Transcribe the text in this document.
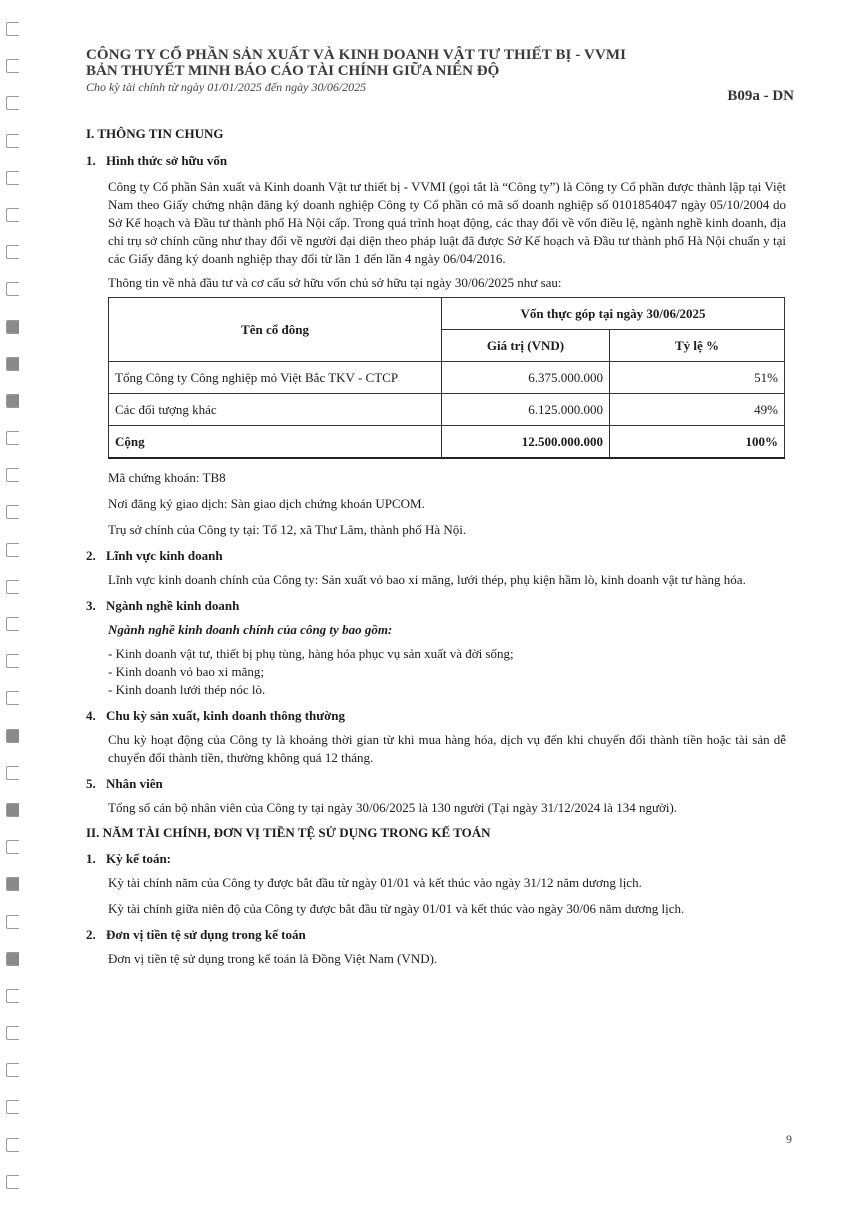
CÔNG TY CỔ PHẦN SẢN XUẤT VÀ KINH DOANH VẬT TƯ THIẾT BỊ - VVMI
BẢN THUYẾT MINH BÁO CÁO TÀI CHÍNH GIỮA NIÊN ĐỘ
Cho kỳ tài chính từ ngày 01/01/2025 đến ngày 30/06/2025
B09a - DN

I. THÔNG TIN CHUNG

1. Hình thức sở hữu vốn

Công ty Cổ phần Sản xuất và Kinh doanh Vật tư thiết bị - VVMI (gọi tắt là “Công ty”) là Công ty Cổ phần được thành lập tại Việt Nam theo Giấy chứng nhận đăng ký doanh nghiệp Công ty Cổ phần có mã số doanh nghiệp số 0101854047 ngày 05/10/2004 do Sở Kế hoạch và Đầu tư thành phố Hà Nội cấp. Trong quá trình hoạt động, các thay đổi về vốn điều lệ, ngành nghề kinh doanh, địa chỉ trụ sở chính cũng như thay đổi về người đại diện theo pháp luật đã được Sở Kế hoạch và Đầu tư thành phố Hà Nội chuẩn y tại các Giấy đăng ký doanh nghiệp thay đổi từ lần 1 đến lần 4 ngày 06/04/2016.

Thông tin về nhà đầu tư và cơ cấu sở hữu vốn chủ sở hữu tại ngày 30/06/2025 như sau:

Tên cổ đông	Vốn thực góp tại ngày 30/06/2025	
	Giá trị (VND)	Tỷ lệ %
Tổng Công ty Công nghiệp mỏ Việt Bắc TKV - CTCP	6.375.000.000	51%
Các đối tượng khác	6.125.000.000	49%
Cộng	12.500.000.000	100%

Mã chứng khoán: TB8

Nơi đăng ký giao dịch: Sàn giao dịch chứng khoán UPCOM.

Trụ sở chính của Công ty tại: Tổ 12, xã Thư Lâm, thành phố Hà Nội.

2. Lĩnh vực kinh doanh

Lĩnh vực kinh doanh chính của Công ty: Sản xuất vỏ bao xi măng, lưới thép, phụ kiện hầm lò, kinh doanh vật tư hàng hóa.

3. Ngành nghề kinh doanh

Ngành nghề kinh doanh chính của công ty bao gồm:

- Kinh doanh vật tư, thiết bị phụ tùng, hàng hóa phục vụ sản xuất và đời sống;
- Kinh doanh vỏ bao xi măng;
- Kinh doanh lưới thép nóc lò.

4. Chu kỳ sản xuất, kinh doanh thông thường

Chu kỳ hoạt động của Công ty là khoảng thời gian từ khi mua hàng hóa, dịch vụ đến khi chuyển đổi thành tiền hoặc tài sản dễ chuyển đổi thành tiền, thường không quá 12 tháng.

5. Nhân viên

Tổng số cán bộ nhân viên của Công ty tại ngày 30/06/2025 là 130 người (Tại ngày 31/12/2024 là 134 người).

II. NĂM TÀI CHÍNH, ĐƠN VỊ TIỀN TỆ SỬ DỤNG TRONG KẾ TOÁN

1. Kỳ kế toán:

Kỳ tài chính năm của Công ty được bắt đầu từ ngày 01/01 và kết thúc vào ngày 31/12 năm dương lịch.

Kỳ tài chính giữa niên độ của Công ty được bắt đầu từ ngày 01/01 và kết thúc vào ngày 30/06 năm dương lịch.

2. Đơn vị tiền tệ sử dụng trong kế toán

Đơn vị tiền tệ sử dụng trong kế toán là Đồng Việt Nam (VND).

9
